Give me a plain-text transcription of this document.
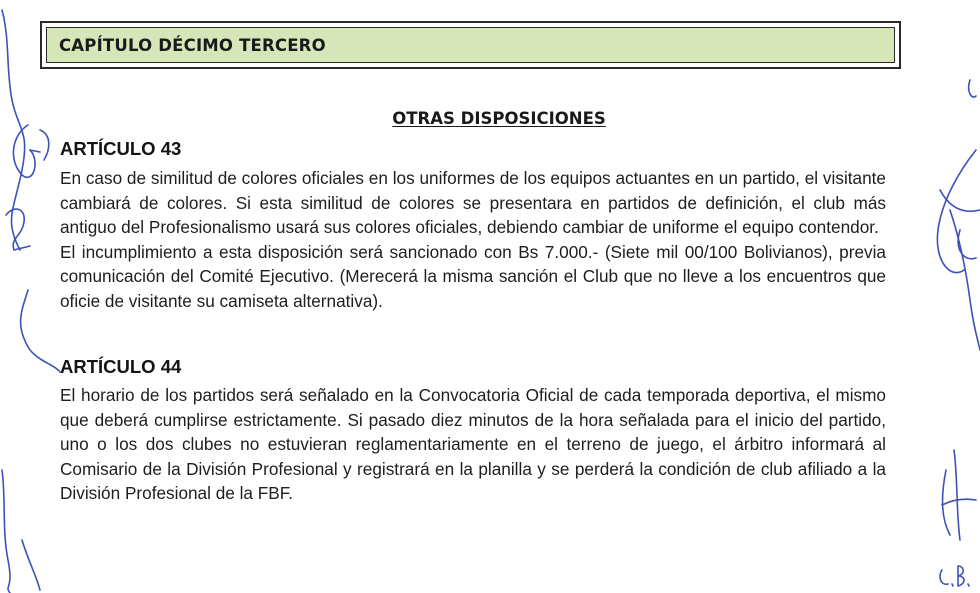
CAPÍTULO DÉCIMO TERCERO
OTRAS DISPOSICIONES
ARTÍCULO 43

En caso de similitud de colores oficiales en los uniformes de los equipos actuantes en un partido, el visitante cambiará de colores. Si esta similitud de colores se presentara en partidos de definición, el club más antiguo del Profesionalismo usará sus colores oficiales, debiendo cambiar de uniforme el equipo contendor.

El incumplimiento a esta disposición será sancionado con Bs 7.000.- (Siete mil 00/100 Bolivianos), previa comunicación del Comité Ejecutivo. (Merecerá la misma sanción el Club que no lleve a los encuentros que oficie de visitante su camiseta alternativa).

ARTÍCULO 44

El horario de los partidos será señalado en la Convocatoria Oficial de cada temporada deportiva, el mismo que deberá cumplirse estrictamente. Si pasado diez minutos de la hora señalada para el inicio del partido, uno o los dos clubes no estuvieran reglamentariamente en el terreno de juego, el árbitro informará al Comisario de la División Profesional y registrará en la planilla y se perderá la condición de club afiliado a la División Profesional de la FBF.
